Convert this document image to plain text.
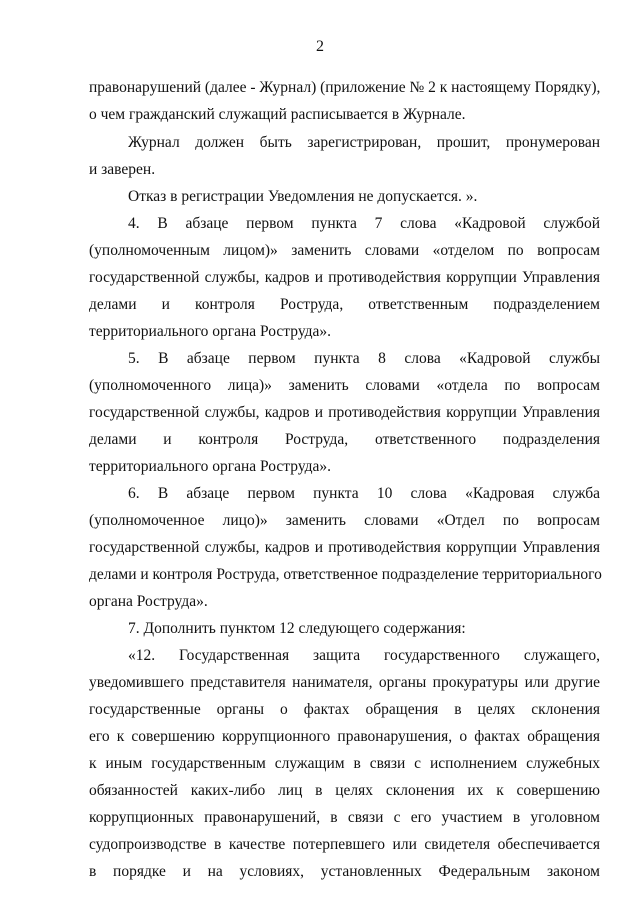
2
правонарушений (далее - Журнал) (приложение № 2 к настоящему Порядку),
о чем гражданский служащий расписывается в Журнале.
Журнал должен быть зарегистрирован, прошит, пронумерован
и заверен.
Отказ в регистрации Уведомления не допускается. ».
4. В абзаце первом пункта 7 слова «Кадровой службой
(уполномоченным лицом)» заменить словами «отделом по вопросам
государственной службы, кадров и противодействия коррупции Управления
делами и контроля Роструда, ответственным подразделением
территориального органа Роструда».
5. В абзаце первом пункта 8 слова «Кадровой службы
(уполномоченного лица)» заменить словами «отдела по вопросам
государственной службы, кадров и противодействия коррупции Управления
делами и контроля Роструда, ответственного подразделения
территориального органа Роструда».
6. В абзаце первом пункта 10 слова «Кадровая служба
(уполномоченное лицо)» заменить словами «Отдел по вопросам
государственной службы, кадров и противодействия коррупции Управления
делами и контроля Роструда, ответственное подразделение территориального
органа Роструда».
7. Дополнить пунктом 12 следующего содержания:
«12. Государственная защита государственного служащего,
уведомившего представителя нанимателя, органы прокуратуры или другие
государственные органы о фактах обращения в целях склонения
его к совершению коррупционного правонарушения, о фактах обращения
к иным государственным служащим в связи с исполнением служебных
обязанностей каких-либо лиц в целях склонения их к совершению
коррупционных правонарушений, в связи с его участием в уголовном
судопроизводстве в качестве потерпевшего или свидетеля обеспечивается
в порядке и на условиях, установленных Федеральным законом
